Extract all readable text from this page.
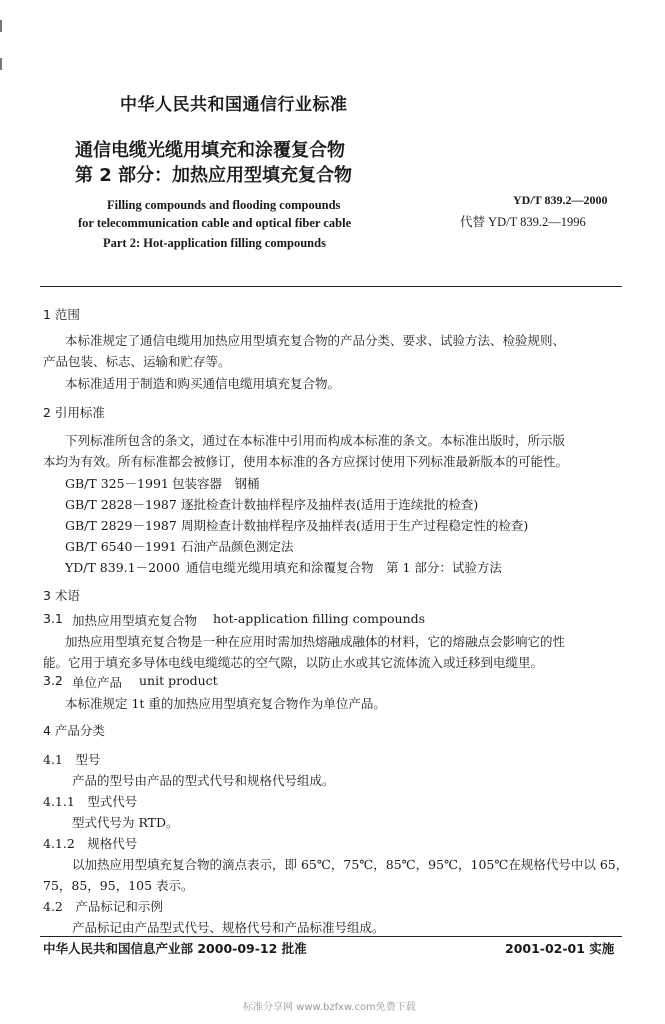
中华人民共和国通信行业标准
通信电缆光缆用填充和涂覆复合物
第 2 部分：加热应用型填充复合物
Filling compounds and flooding compounds
for telecommunication cable and optical fiber cable
Part 2: Hot-application filling compounds
YD/T 839.2—2000
代替 YD/T 839.2—1996
1 范围
本标准规定了通信电缆用加热应用型填充复合物的产品分类、要求、试验方法、检验规则、
产品包装、标志、运输和贮存等。
本标准适用于制造和购买通信电缆用填充复合物。
2 引用标准
下列标准所包含的条文，通过在本标准中引用而构成本标准的条文。本标准出版时，所示版
本均为有效。所有标准都会被修订，使用本标准的各方应探讨使用下列标准最新版本的可能性。
GB/T 325－1991 包装容器　钢桶
GB/T 2828－1987 逐批检查计数抽样程序及抽样表(适用于连续批的检查)
GB/T 2829－1987 周期检查计数抽样程序及抽样表(适用于生产过程稳定性的检查)
GB/T 6540－1991 石油产品颜色测定法
YD/T 839.1－2000 通信电缆光缆用填充和涂覆复合物　第 1 部分：试验方法
3 术语
3.1 加热应用型填充复合物 hot-application filling compounds
加热应用型填充复合物是一种在应用时需加热熔融成融体的材料，它的熔融点会影响它的性
能。它用于填充多导体电线电缆缆芯的空气隙，以防止水或其它流体流入或迁移到电缆里。
3.2 单位产品 unit product
本标准规定 1t 重的加热应用型填充复合物作为单位产品。
4 产品分类
4.1　型号
产品的型号由产品的型式代号和规格代号组成。
4.1.1　型式代号
型式代号为 RTD。
4.1.2　规格代号
以加热应用型填充复合物的滴点表示，即 65℃，75℃，85℃，95℃，105℃在规格代号中以 65，
75，85，95，105 表示。
4.2　产品标记和示例
产品标记由产品型式代号、规格代号和产品标准号组成。
中华人民共和国信息产业部 2000-09-12 批准	2001-02-01 实施
标准分享网 www.bzfxw.com免费下载
